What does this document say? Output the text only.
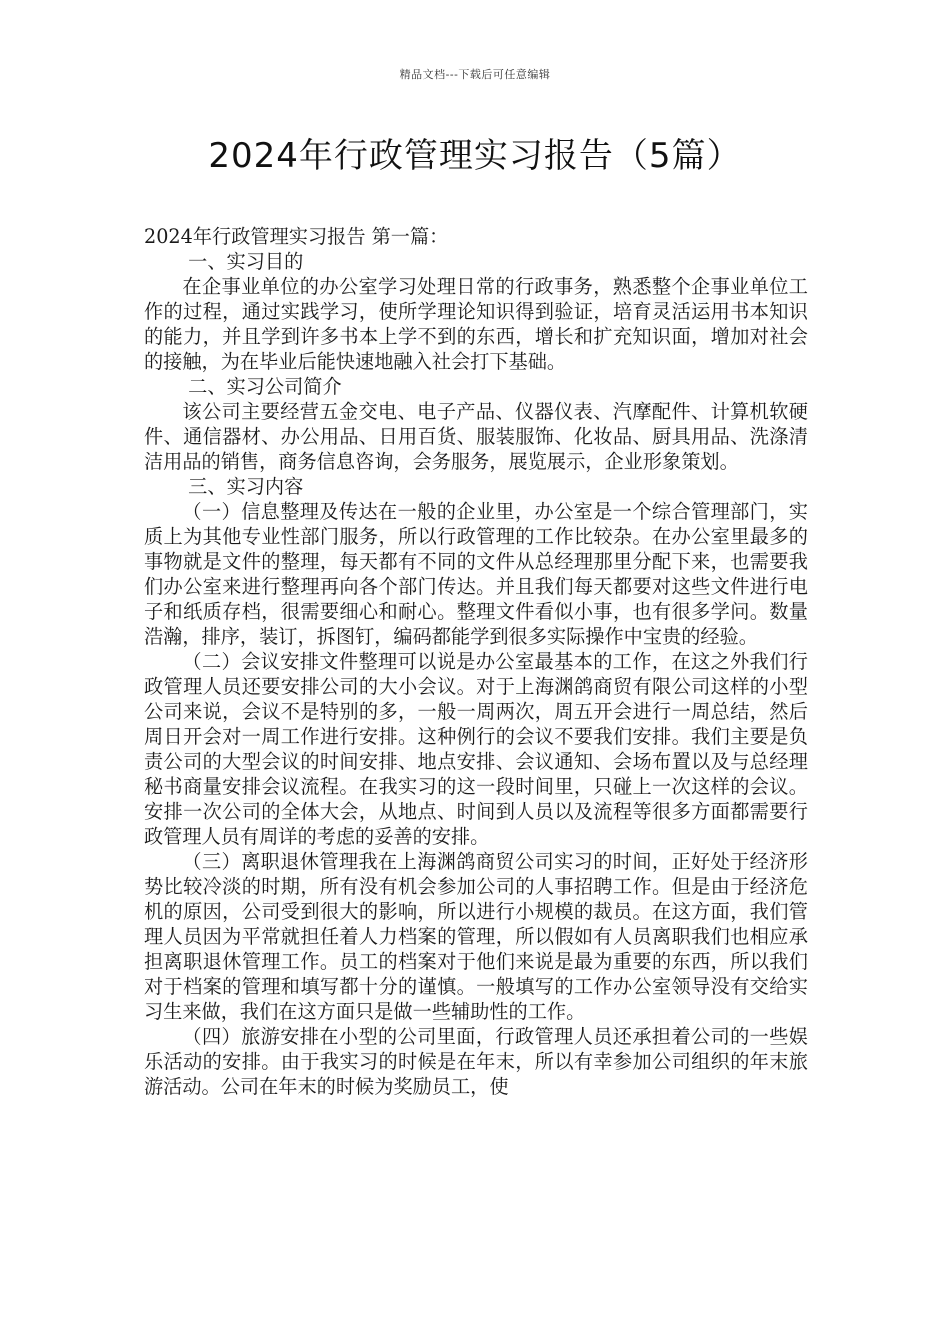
精品文档---下载后可任意编辑
2024年行政管理实习报告（5篇）

2024年行政管理实习报告 第一篇：

一、实习目的

在企事业单位的办公室学习处理日常的行政事务，熟悉整个企事业单位工作的过程，通过实践学习，使所学理论知识得到验证，培育灵活运用书本知识的能力，并且学到许多书本上学不到的东西，增长和扩充知识面，增加对社会的接触，为在毕业后能快速地融入社会打下基础。

二、实习公司简介

该公司主要经营五金交电、电子产品、仪器仪表、汽摩配件、计算机软硬件、通信器材、办公用品、日用百货、服装服饰、化妆品、厨具用品、洗涤清洁用品的销售，商务信息咨询，会务服务，展览展示，企业形象策划。

三、实习内容

（一）信息整理及传达在一般的企业里，办公室是一个综合管理部门，实质上为其他专业性部门服务，所以行政管理的工作比较杂。在办公室里最多的事物就是文件的整理，每天都有不同的文件从总经理那里分配下来，也需要我们办公室来进行整理再向各个部门传达。并且我们每天都要对这些文件进行电子和纸质存档，很需要细心和耐心。整理文件看似小事，也有很多学问。数量浩瀚，排序，装订，拆图钉，编码都能学到很多实际操作中宝贵的经验。

（二）会议安排文件整理可以说是办公室最基本的工作，在这之外我们行政管理人员还要安排公司的大小会议。对于上海渊鸽商贸有限公司这样的小型公司来说，会议不是特别的多，一般一周两次，周五开会进行一周总结，然后周日开会对一周工作进行安排。这种例行的会议不要我们安排。我们主要是负责公司的大型会议的时间安排、地点安排、会议通知、会场布置以及与总经理秘书商量安排会议流程。在我实习的这一段时间里，只碰上一次这样的会议。安排一次公司的全体大会，从地点、时间到人员以及流程等很多方面都需要行政管理人员有周详的考虑的妥善的安排。

（三）离职退休管理我在上海渊鸽商贸公司实习的时间，正好处于经济形势比较冷淡的时期，所有没有机会参加公司的人事招聘工作。但是由于经济危机的原因，公司受到很大的影响，所以进行小规模的裁员。在这方面，我们管理人员因为平常就担任着人力档案的管理，所以假如有人员离职我们也相应承担离职退休管理工作。员工的档案对于他们来说是最为重要的东西，所以我们对于档案的管理和填写都十分的谨慎。一般填写的工作办公室领导没有交给实习生来做，我们在这方面只是做一些辅助性的工作。

（四）旅游安排在小型的公司里面，行政管理人员还承担着公司的一些娱乐活动的安排。由于我实习的时候是在年末，所以有幸参加公司组织的年末旅游活动。公司在年末的时候为奖励员工，使
